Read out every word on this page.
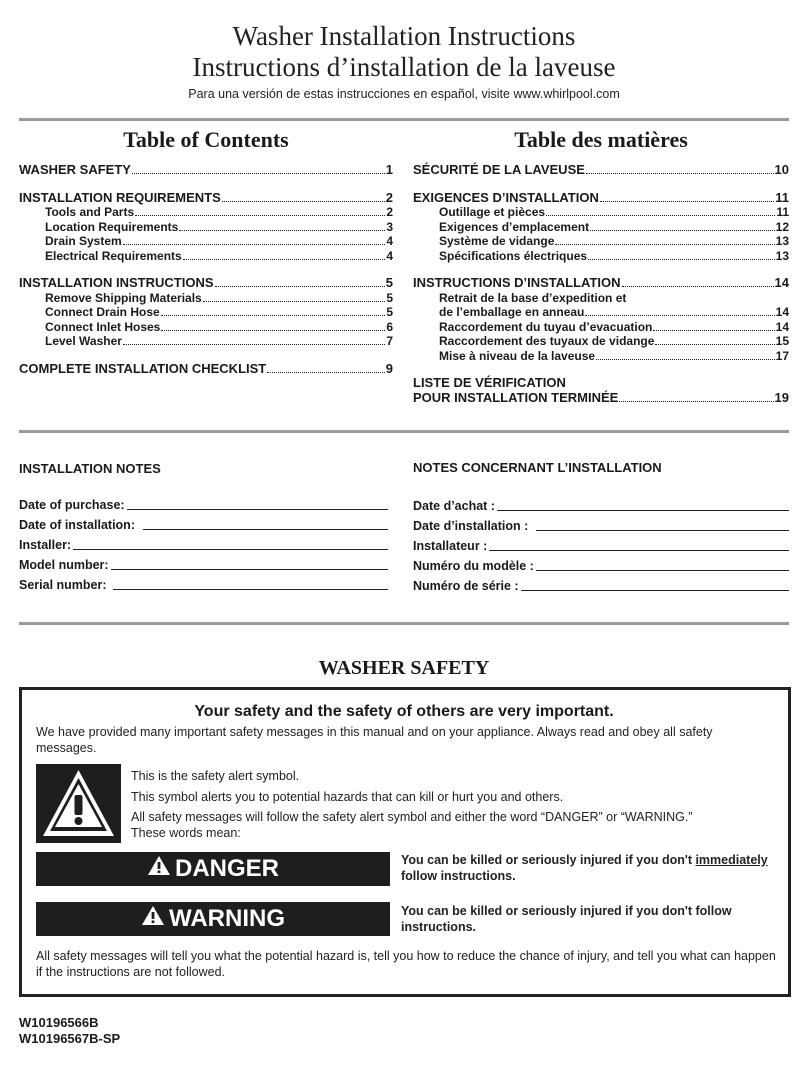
Washer Installation Instructions
Instructions d’installation de la laveuse
Para una versión de estas instrucciones en español, visite www.whirlpool.com
Table of Contents
WASHER SAFETY	1
INSTALLATION REQUIREMENTS	2
Tools and Parts	2
Location Requirements	3
Drain System	4
Electrical Requirements	4
INSTALLATION INSTRUCTIONS	5
Remove Shipping Materials	5
Connect Drain Hose	5
Connect Inlet Hoses	6
Level Washer	7
COMPLETE INSTALLATION CHECKLIST	9
Table des matières
SÉCURITÉ DE LA LAVEUSE	10
EXIGENCES D’INSTALLATION	11
Outillage et pièces	11
Exigences d’emplacement	12
Système de vidange	13
Spécifications électriques	13
INSTRUCTIONS D’INSTALLATION	14
Retrait de la base d’expedition et
de l’emballage en anneau	14
Raccordement du tuyau d’evacuation	14
Raccordement des tuyaux de vidange	15
Mise à niveau de la laveuse	17
LISTE DE VÉRIFICATION
POUR INSTALLATION TERMINÉE	19
INSTALLATION NOTES
Date of purchase:
Date of installation:
Installer:
Model number:
Serial number:
NOTES CONCERNANT L’INSTALLATION
Date d’achat :
Date d’installation :
Installateur :
Numéro du modèle :
Numéro de série :
WASHER SAFETY
Your safety and the safety of others are very important.
We have provided many important safety messages in this manual and on your appliance. Always read and obey all safety messages.
This is the safety alert symbol.
This symbol alerts you to potential hazards that can kill or hurt you and others.
All safety messages will follow the safety alert symbol and either the word “DANGER” or “WARNING.”
These words mean:
DANGER	You can be killed or seriously injured if you don't immediately
follow instructions.
WARNING	You can be killed or seriously injured if you don't follow instructions.
All safety messages will tell you what the potential hazard is, tell you how to reduce the chance of injury, and tell you what can happen if the instructions are not followed.
W10196566B
W10196567B-SP
